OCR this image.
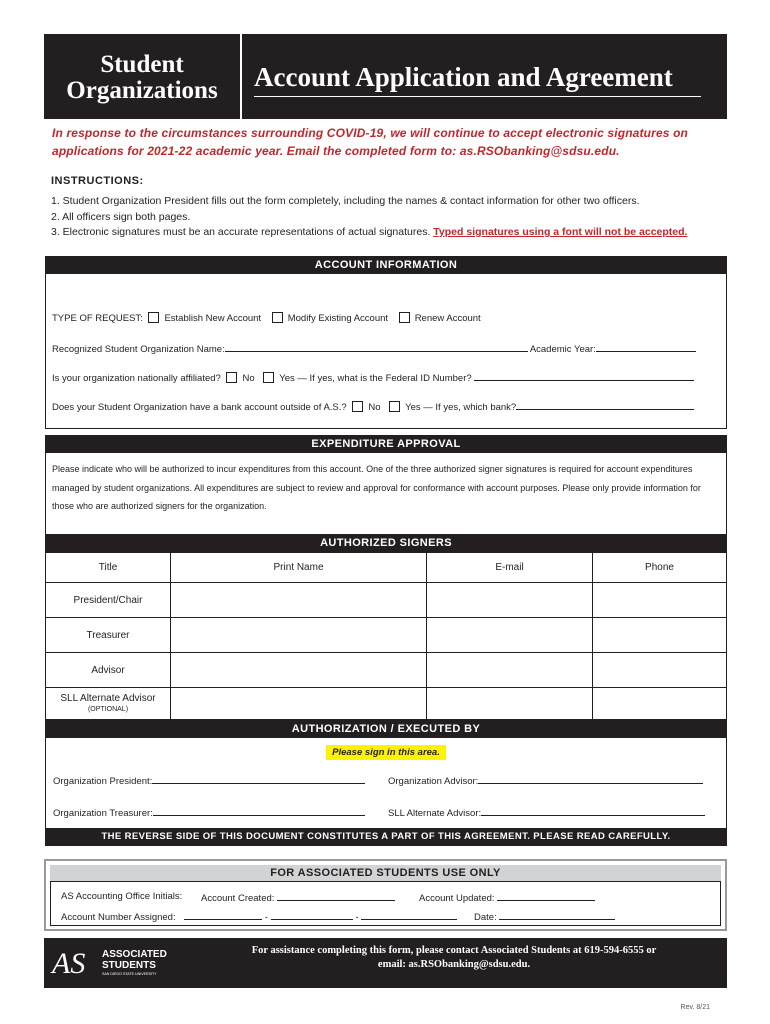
Student
Organizations	Account Application and Agreement
In response to the circumstances surrounding COVID-19, we will continue to accept electronic signatures on applications for 2021-22 academic year. Email the completed form to: as.RSObanking@sdsu.edu.
INSTRUCTIONS:
1. Student Organization President fills out the form completely, including the names & contact information for other two officers.
2. All officers sign both pages.
3. Electronic signatures must be an accurate representations of actual signatures. Typed signatures using a font will not be accepted.
ACCOUNT INFORMATION
TYPE OF REQUEST: Establish New Account	Modify Existing Account	Renew Account
Recognized Student Organization Name:	Academic Year:
Is your organization nationally affiliated? No	Yes — If yes, what is the Federal ID Number?
Does your Student Organization have a bank account outside of A.S.? No	Yes — If yes, which bank?
EXPENDITURE APPROVAL
Please indicate who will be authorized to incur expenditures from this account. One of the three authorized signer signatures is required for account expenditures managed by student organizations. All expenditures are subject to review and approval for conformance with account purposes. Please only provide information for those who are authorized signers for the organization.
AUTHORIZED SIGNERS
Title	Print Name	E-mail	Phone
President/Chair			
Treasurer			
Advisor			

SLL Alternate Advisor
(OPTIONAL)			

AUTHORIZATION / EXECUTED BY
Please sign in this area.
Organization President:	Organization Advisor:
Organization Treasurer:	SLL Alternate Advisor:
THE REVERSE SIDE OF THIS DOCUMENT CONSTITUTES A PART OF THIS AGREEMENT. PLEASE READ CAREFULLY.
FOR ASSOCIATED STUDENTS USE ONLY
AS Accounting Office Initials: Account Created:	Account Updated:
Account Number Assigned:	-	-	Date:
AS ASSOCIATED
STUDENTS
SAN DIEGO STATE UNIVERSITY
For assistance completing this form, please contact Associated Students at 619-594-6555 or
email: as.RSObanking@sdsu.edu.
Rev. 8/21
